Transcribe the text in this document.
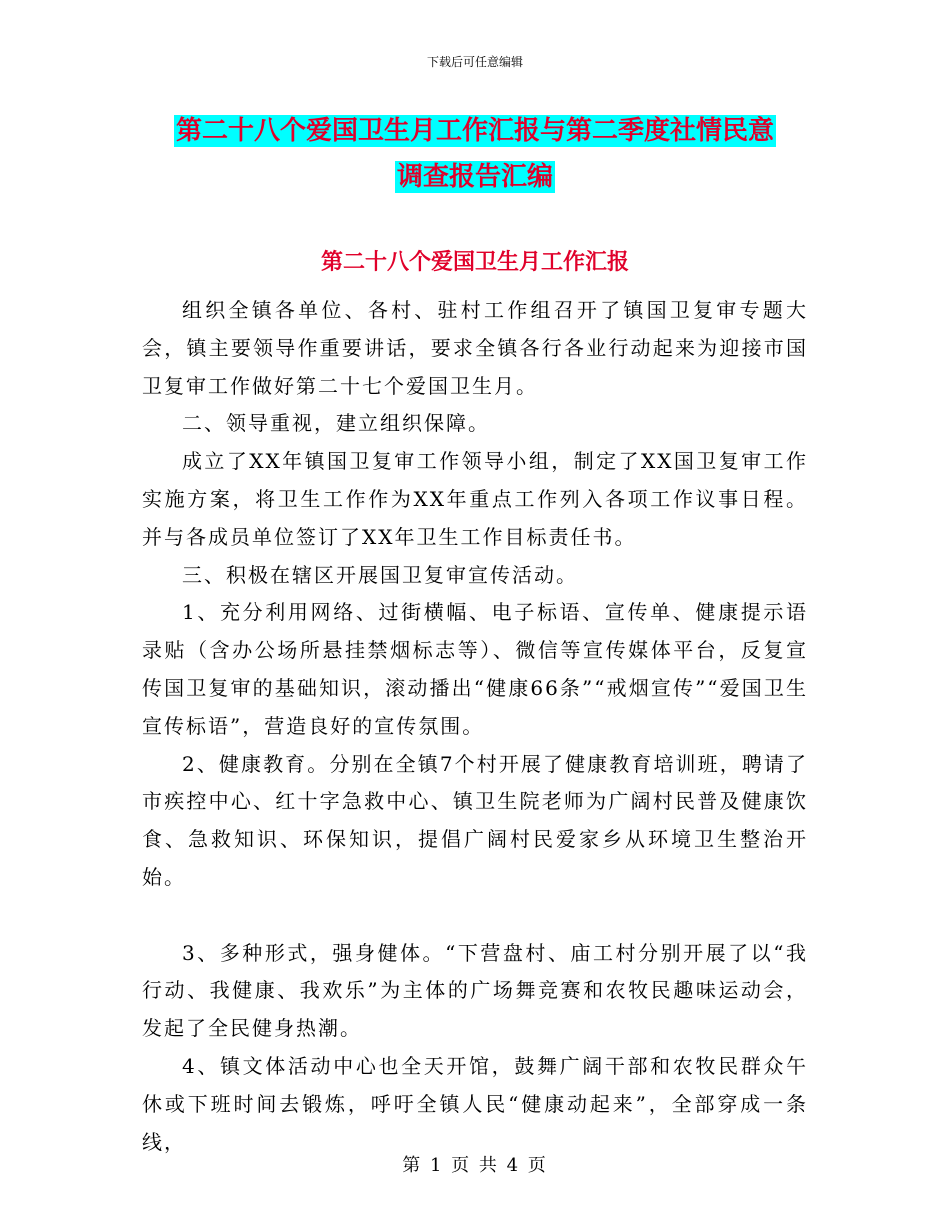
下载后可任意编辑
第二十八个爱国卫生月工作汇报与第二季度社情民意
调查报告汇编
第二十八个爱国卫生月工作汇报

组织全镇各单位、各村、驻村工作组召开了镇国卫复审专题大会，镇主要领导作重要讲话，要求全镇各行各业行动起来为迎接市国卫复审工作做好第二十七个爱国卫生月。

二、领导重视，建立组织保障。

成立了XX年镇国卫复审工作领导小组，制定了XX国卫复审工作实施方案，将卫生工作作为XX年重点工作列入各项工作议事日程。并与各成员单位签订了XX年卫生工作目标责任书。

三、积极在辖区开展国卫复审宣传活动。

1、充分利用网络、过街横幅、电子标语、宣传单、健康提示语录贴（含办公场所悬挂禁烟标志等）、微信等宣传媒体平台，反复宣传国卫复审的基础知识，滚动播出“健康66条”“戒烟宣传”“爱国卫生宣传标语”，营造良好的宣传氛围。

2、健康教育。分别在全镇7个村开展了健康教育培训班，聘请了市疾控中心、红十字急救中心、镇卫生院老师为广阔村民普及健康饮食、急救知识、环保知识，提倡广阔村民爱家乡从环境卫生整治开始。

3、多种形式，强身健体。“下营盘村、庙工村分别开展了以“我行动、我健康、我欢乐”为主体的广场舞竞赛和农牧民趣味运动会，发起了全民健身热潮。

4、镇文体活动中心也全天开馆，鼓舞广阔干部和农牧民群众午休或下班时间去锻炼，呼吁全镇人民“健康动起来”，全部穿成一条线，

第 1 页 共 4 页
